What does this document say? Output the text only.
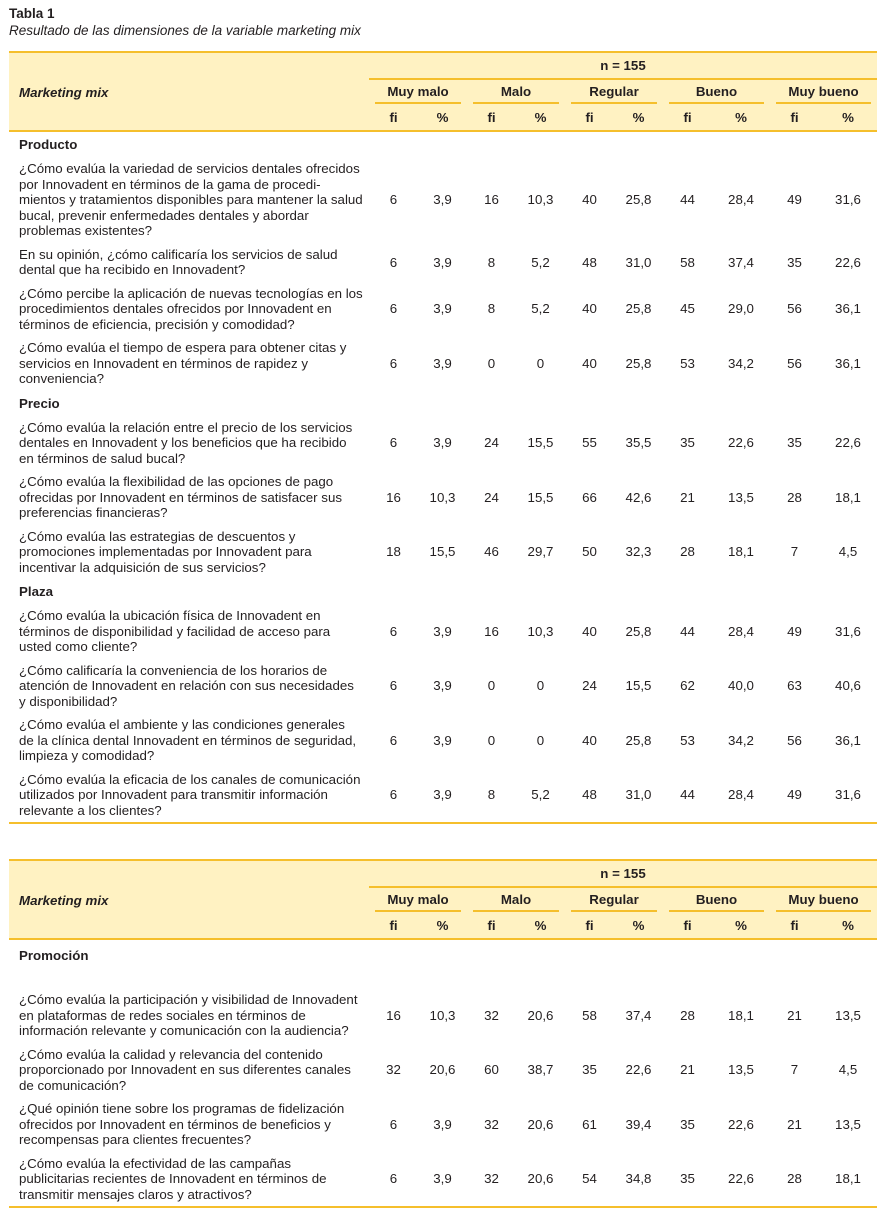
Tabla 1
Resultado de las dimensiones de la variable marketing mix
	n = 155									
Marketing mix	Muy malo		Malo		Regular		Bueno		Muy bueno	

	fi	%	fi	%	fi	%	fi	%	fi	%
Producto										
¿Cómo evalúa la variedad de servicios dentales ofrecidos por Innovadent en términos de la gama de procedi-mientos y tratamientos disponibles para mantener la salud bucal, prevenir enfermedades dentales y abordar problemas existentes?	6	3,9	16	10,3	40	25,8	44	28,4	49	31,6
En su opinión, ¿cómo calificaría los servicios de salud dental que ha recibido en Innovadent?	6	3,9	8	5,2	48	31,0	58	37,4	35	22,6
¿Cómo percibe la aplicación de nuevas tecnologías en los procedimientos dentales ofrecidos por Innovadent en términos de eficiencia, precisión y comodidad?	6	3,9	8	5,2	40	25,8	45	29,0	56	36,1
¿Cómo evalúa el tiempo de espera para obtener citas y servicios en Innovadent en términos de rapidez y conveniencia?	6	3,9	0	0	40	25,8	53	34,2	56	36,1
Precio										
¿Cómo evalúa la relación entre el precio de los servicios dentales en Innovadent y los beneficios que ha recibido en términos de salud bucal?	6	3,9	24	15,5	55	35,5	35	22,6	35	22,6
¿Cómo evalúa la flexibilidad de las opciones de pago ofrecidas por Innovadent en términos de satisfacer sus preferencias financieras?	16	10,3	24	15,5	66	42,6	21	13,5	28	18,1
¿Cómo evalúa las estrategias de descuentos y promociones implementadas por Innovadent para incentivar la adquisición de sus servicios?	18	15,5	46	29,7	50	32,3	28	18,1	7	4,5
Plaza										
¿Cómo evalúa la ubicación física de Innovadent en términos de disponibilidad y facilidad de acceso para usted como cliente?	6	3,9	16	10,3	40	25,8	44	28,4	49	31,6
¿Cómo calificaría la conveniencia de los horarios de atención de Innovadent en relación con sus necesidades y disponibilidad?	6	3,9	0	0	24	15,5	62	40,0	63	40,6
¿Cómo evalúa el ambiente y las condiciones generales de la clínica dental Innovadent en términos de seguridad, limpieza y comodidad?	6	3,9	0	0	40	25,8	53	34,2	56	36,1
¿Cómo evalúa la eficacia de los canales de comunicación utilizados por Innovadent para transmitir información relevante a los clientes?	6	3,9	8	5,2	48	31,0	44	28,4	49	31,6

	n = 155									
Marketing mix	Muy malo		Malo		Regular		Bueno		Muy bueno	

	fi	%	fi	%	fi	%	fi	%	fi	%
Promoción										
¿Cómo evalúa la participación y visibilidad de Innovadent en plataformas de redes sociales en términos de información relevante y comunicación con la audiencia?	16	10,3	32	20,6	58	37,4	28	18,1	21	13,5
¿Cómo evalúa la calidad y relevancia del contenido proporcionado por Innovadent en sus diferentes canales de comunicación?	32	20,6	60	38,7	35	22,6	21	13,5	7	4,5
¿Qué opinión tiene sobre los programas de fidelización ofrecidos por Innovadent en términos de beneficios y recompensas para clientes frecuentes?	6	3,9	32	20,6	61	39,4	35	22,6	21	13,5
¿Cómo evalúa la efectividad de las campañas publicitarias recientes de Innovadent en términos de transmitir mensajes claros y atractivos?	6	3,9	32	20,6	54	34,8	35	22,6	28	18,1
